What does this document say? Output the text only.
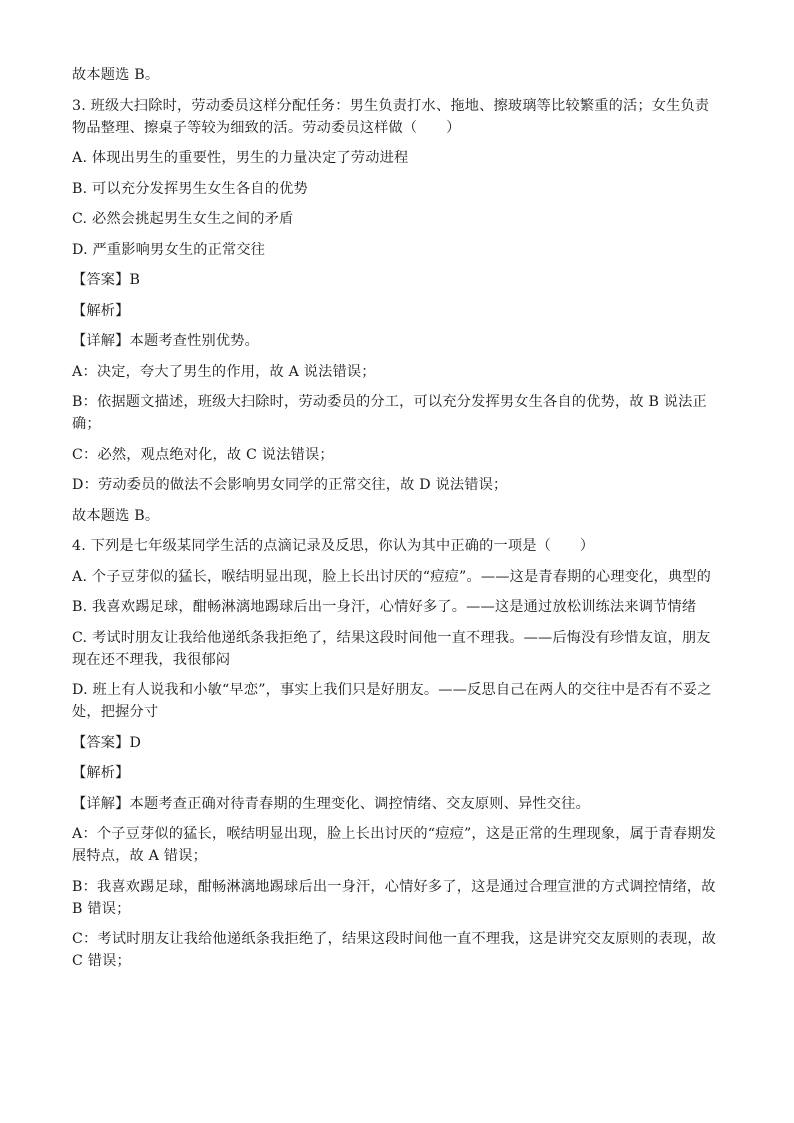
故本题选 B。

3. 班级大扫除时，劳动委员这样分配任务：男生负责打水、拖地、擦玻璃等比较繁重的活；女生负责物品整理、擦桌子等较为细致的活。劳动委员这样做（　　）

A. 体现出男生的重要性，男生的力量决定了劳动进程

B. 可以充分发挥男生女生各自的优势

C. 必然会挑起男生女生之间的矛盾

D. 严重影响男女生的正常交往

【答案】B

【解析】

【详解】本题考查性别优势。

A：决定，夸大了男生的作用，故 A 说法错误；

B：依据题文描述，班级大扫除时，劳动委员的分工，可以充分发挥男女生各自的优势，故 B 说法正确；

C：必然，观点绝对化，故 C 说法错误；

D：劳动委员的做法不会影响男女同学的正常交往，故 D 说法错误；

故本题选 B。

4. 下列是七年级某同学生活的点滴记录及反思，你认为其中正确的一项是（　　）

A. 个子豆芽似的猛长，喉结明显出现，脸上长出讨厌的“痘痘”。——这是青春期的心理变化，典型的

B. 我喜欢踢足球，酣畅淋漓地踢球后出一身汗，心情好多了。——这是通过放松训练法来调节情绪

C. 考试时朋友让我给他递纸条我拒绝了，结果这段时间他一直不理我。——后悔没有珍惜友谊，朋友现在还不理我，我很郁闷

D. 班上有人说我和小敏“早恋”，事实上我们只是好朋友。——反思自己在两人的交往中是否有不妥之处，把握分寸

【答案】D

【解析】

【详解】本题考查正确对待青春期的生理变化、调控情绪、交友原则、异性交往。

A：个子豆芽似的猛长，喉结明显出现，脸上长出讨厌的“痘痘”，这是正常的生理现象，属于青春期发展特点，故 A 错误；

B：我喜欢踢足球，酣畅淋漓地踢球后出一身汗，心情好多了，这是通过合理宣泄的方式调控情绪，故 B 错误；

C：考试时朋友让我给他递纸条我拒绝了，结果这段时间他一直不理我，这是讲究交友原则的表现，故 C 错误；
